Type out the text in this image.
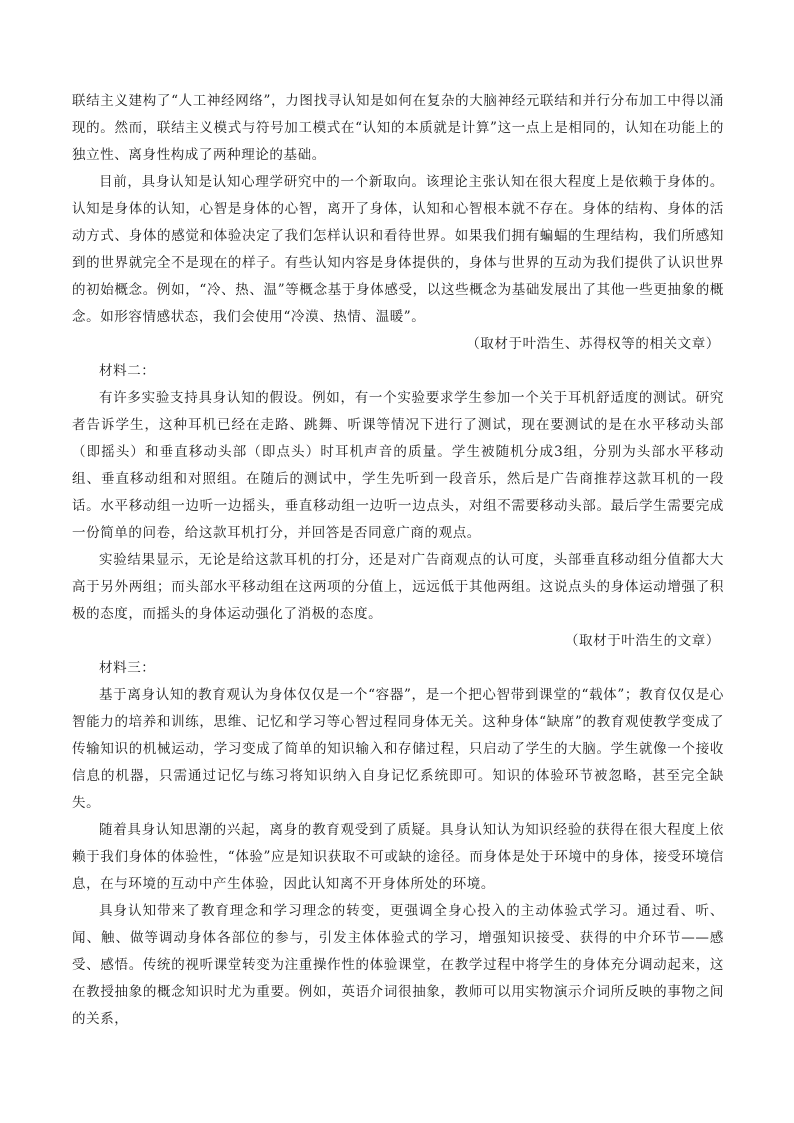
联结主义建构了“人工神经网络”，力图找寻认知是如何在复杂的大脑神经元联结和并行分布加工中得以涌现的。然而，联结主义模式与符号加工模式在“认知的本质就是计算”这一点上是相同的，认知在功能上的独立性、离身性构成了两种理论的基础。

目前，具身认知是认知心理学研究中的一个新取向。该理论主张认知在很大程度上是依赖于身体的。认知是身体的认知，心智是身体的心智，离开了身体，认知和心智根本就不存在。身体的结构、身体的活动方式、身体的感觉和体验决定了我们怎样认识和看待世界。如果我们拥有蝙蝠的生理结构，我们所感知到的世界就完全不是现在的样子。有些认知内容是身体提供的，身体与世界的互动为我们提供了认识世界的初始概念。例如，“冷、热、温”等概念基于身体感受，以这些概念为基础发展出了其他一些更抽象的概念。如形容情感状态，我们会使用“冷漠、热情、温暖”。

（取材于叶浩生、苏得权等的相关文章）

材料二：

有许多实验支持具身认知的假设。例如，有一个实验要求学生参加一个关于耳机舒适度的测试。研究者告诉学生，这种耳机已经在走路、跳舞、听课等情况下进行了测试，现在要测试的是在水平移动头部（即摇头）和垂直移动头部（即点头）时耳机声音的质量。学生被随机分成3组，分别为头部水平移动组、垂直移动组和对照组。在随后的测试中，学生先听到一段音乐，然后是广告商推荐这款耳机的一段话。水平移动组一边听一边摇头，垂直移动组一边听一边点头，对组不需要移动头部。最后学生需要完成一份简单的问卷，给这款耳机打分，并回答是否同意广商的观点。

实验结果显示，无论是给这款耳机的打分，还是对广告商观点的认可度，头部垂直移动组分值都大大高于另外两组；而头部水平移动组在这两项的分值上，远远低于其他两组。这说点头的身体运动增强了积极的态度，而摇头的身体运动强化了消极的态度。

（取材于叶浩生的文章）

材料三：

基于离身认知的教育观认为身体仅仅是一个“容器”，是一个把心智带到课堂的“载体”；教育仅仅是心智能力的培养和训练，思维、记忆和学习等心智过程同身体无关。这种身体“缺席”的教育观使教学变成了传输知识的机械运动，学习变成了简单的知识输入和存储过程，只启动了学生的大脑。学生就像一个接收信息的机器，只需通过记忆与练习将知识纳入自身记忆系统即可。知识的体验环节被忽略，甚至完全缺失。

随着具身认知思潮的兴起，离身的教育观受到了质疑。具身认知认为知识经验的获得在很大程度上依赖于我们身体的体验性，“体验”应是知识获取不可或缺的途径。而身体是处于环境中的身体，接受环境信息，在与环境的互动中产生体验，因此认知离不开身体所处的环境。

具身认知带来了教育理念和学习理念的转变，更强调全身心投入的主动体验式学习。通过看、听、闻、触、做等调动身体各部位的参与，引发主体体验式的学习，增强知识接受、获得的中介环节——感受、感悟。传统的视听课堂转变为注重操作性的体验课堂，在教学过程中将学生的身体充分调动起来，这在教授抽象的概念知识时尤为重要。例如，英语介词很抽象，教师可以用实物演示介词所反映的事物之间的关系，
